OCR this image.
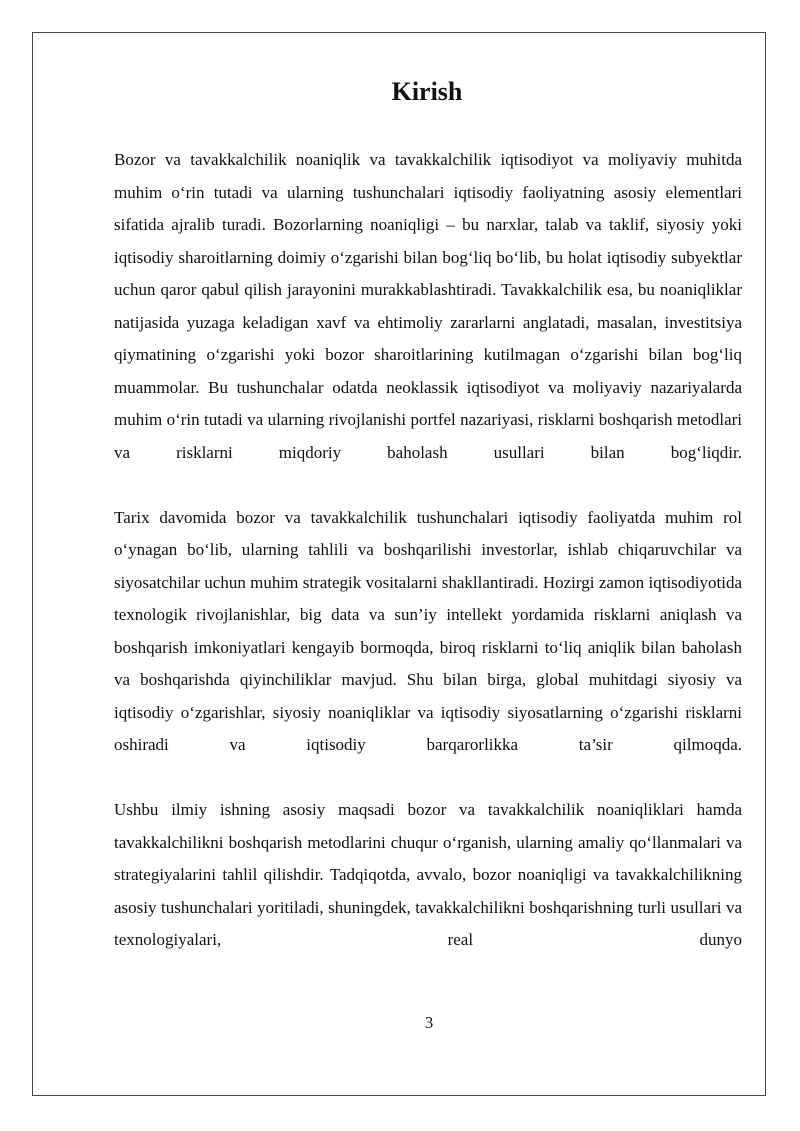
Kirish

Bozor va tavakkalchilik noaniqlik va tavakkalchilik iqtisodiyot va moliyaviy muhitda muhim o‘rin tutadi va ularning tushunchalari iqtisodiy faoliyatning asosiy elementlari sifatida ajralib turadi. Bozorlarning noaniqligi – bu narxlar, talab va taklif, siyosiy yoki iqtisodiy sharoitlarning doimiy o‘zgarishi bilan bog‘liq bo‘lib, bu holat iqtisodiy subyektlar uchun qaror qabul qilish jarayonini murakkablashtiradi. Tavakkalchilik esa, bu noaniqliklar natijasida yuzaga keladigan xavf va ehtimoliy zararlarni anglatadi, masalan, investitsiya qiymatining o‘zgarishi yoki bozor sharoitlarining kutilmagan o‘zgarishi bilan bog‘liq muammolar. Bu tushunchalar odatda neoklassik iqtisodiyot va moliyaviy nazariyalarda muhim o‘rin tutadi va ularning rivojlanishi portfel nazariyasi, risklarni boshqarish metodlari va risklarni miqdoriy baholash usullari bilan bog‘liqdir.

Tarix davomida bozor va tavakkalchilik tushunchalari iqtisodiy faoliyatda muhim rol o‘ynagan bo‘lib, ularning tahlili va boshqarilishi investorlar, ishlab chiqaruvchilar va siyosatchilar uchun muhim strategik vositalarni shakllantiradi. Hozirgi zamon iqtisodiyotida texnologik rivojlanishlar, big data va sun’iy intellekt yordamida risklarni aniqlash va boshqarish imkoniyatlari kengayib bormoqda, biroq risklarni to‘liq aniqlik bilan baholash va boshqarishda qiyinchiliklar mavjud. Shu bilan birga, global muhitdagi siyosiy va iqtisodiy o‘zgarishlar, siyosiy noaniqliklar va iqtisodiy siyosatlarning o‘zgarishi risklarni oshiradi va iqtisodiy barqarorlikka ta’sir qilmoqda.

Ushbu ilmiy ishning asosiy maqsadi bozor va tavakkalchilik noaniqliklari hamda tavakkalchilikni boshqarish metodlarini chuqur o‘rganish, ularning amaliy qo‘llanmalari va strategiyalarini tahlil qilishdir. Tadqiqotda, avvalo, bozor noaniqligi va tavakkalchilikning asosiy tushunchalari yoritiladi, shuningdek, tavakkalchilikni boshqarishning turli usullari va texnologiyalari, real dunyo

3
